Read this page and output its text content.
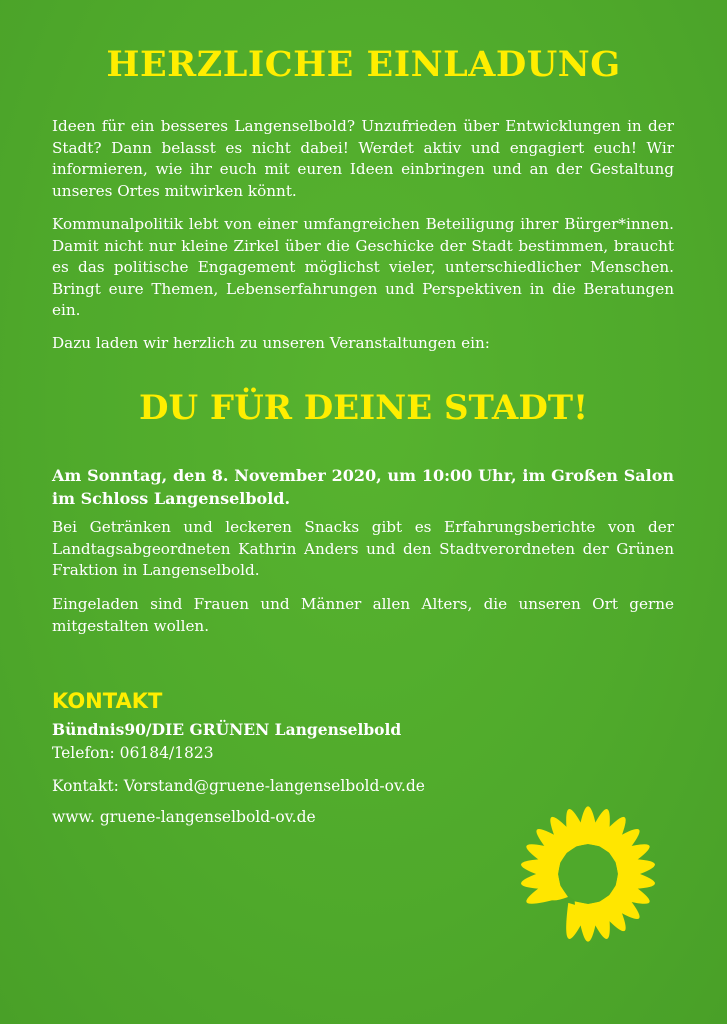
HERZLICHE EINLADUNG

Ideen für ein besseres Langenselbold? Unzufrieden über Entwicklungen in der Stadt? Dann belasst es nicht dabei! Werdet aktiv und engagiert euch! Wir informieren, wie ihr euch mit euren Ideen einbringen und an der Gestaltung unseres Ortes mitwirken könnt.

Kommunalpolitik lebt von einer umfangreichen Beteiligung ihrer Bürger*innen. Damit nicht nur kleine Zirkel über die Geschicke der Stadt bestimmen, braucht es das politische Engagement möglichst vieler, unterschiedlicher Menschen. Bringt eure Themen, Lebenserfahrungen und Perspektiven in die Beratungen ein.

Dazu laden wir herzlich zu unseren Veranstaltungen ein:

DU FÜR DEINE STADT!

Am Sonntag, den 8. November 2020, um 10:00 Uhr, im Großen Salon im Schloss Langenselbold.

Bei Getränken und leckeren Snacks gibt es Erfahrungsberichte von der Landtagsabgeordneten Kathrin Anders und den Stadtverordneten der Grünen Fraktion in Langenselbold.

Eingeladen sind Frauen und Männer allen Alters, die unseren Ort gerne mitgestalten wollen.

KONTAKT

Bündnis90/DIE GRÜNEN Langenselbold

Telefon: 06184/1823

Kontakt: Vorstand@gruene-langenselbold-ov.de

www. gruene-langenselbold-ov.de
